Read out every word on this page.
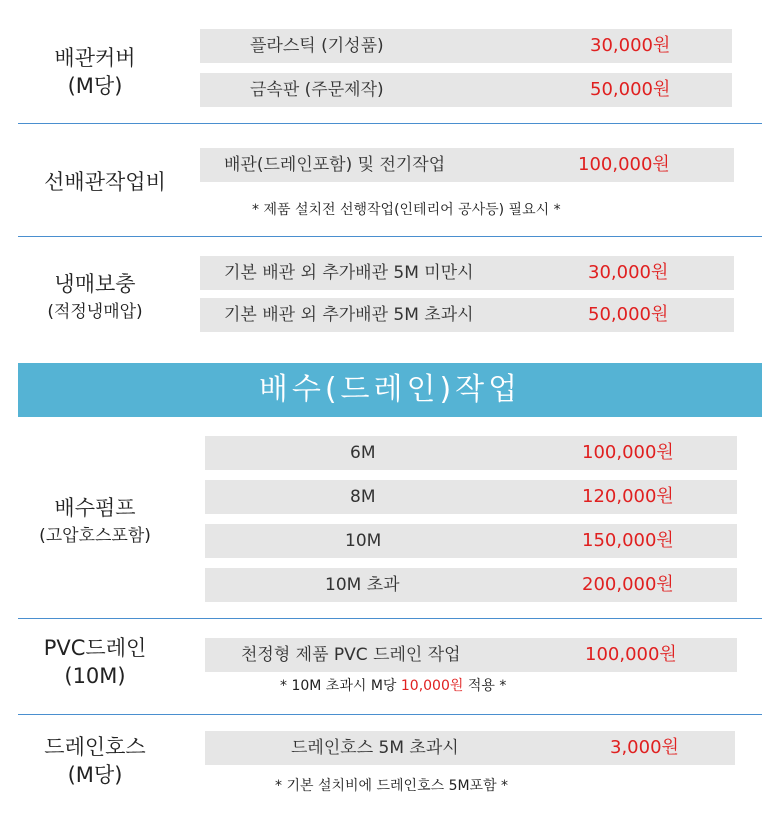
배관커버
(M당)
플라스틱 (기성품)	30,000원
금속판 (주문제작)	50,000원
선배관작업비
배관(드레인포함) 및 전기작업	100,000원
* 제품 설치전 선행작업(인테리어 공사등) 필요시 *
냉매보충
(적정냉매압)
기본 배관 외 추가배관 5M 미만시	30,000원
기본 배관 외 추가배관 5M 초과시	50,000원
배수(드레인)작업
배수펌프
(고압호스포함)
6M	100,000원
8M	120,000원
10M	150,000원
10M 초과	200,000원
PVC드레인
(10M)
천정형 제품 PVC 드레인 작업	100,000원
* 10M 초과시 M당 10,000원 적용 *
드레인호스
(M당)
드레인호스 5M 초과시	3,000원
* 기본 설치비에 드레인호스 5M포함 *
